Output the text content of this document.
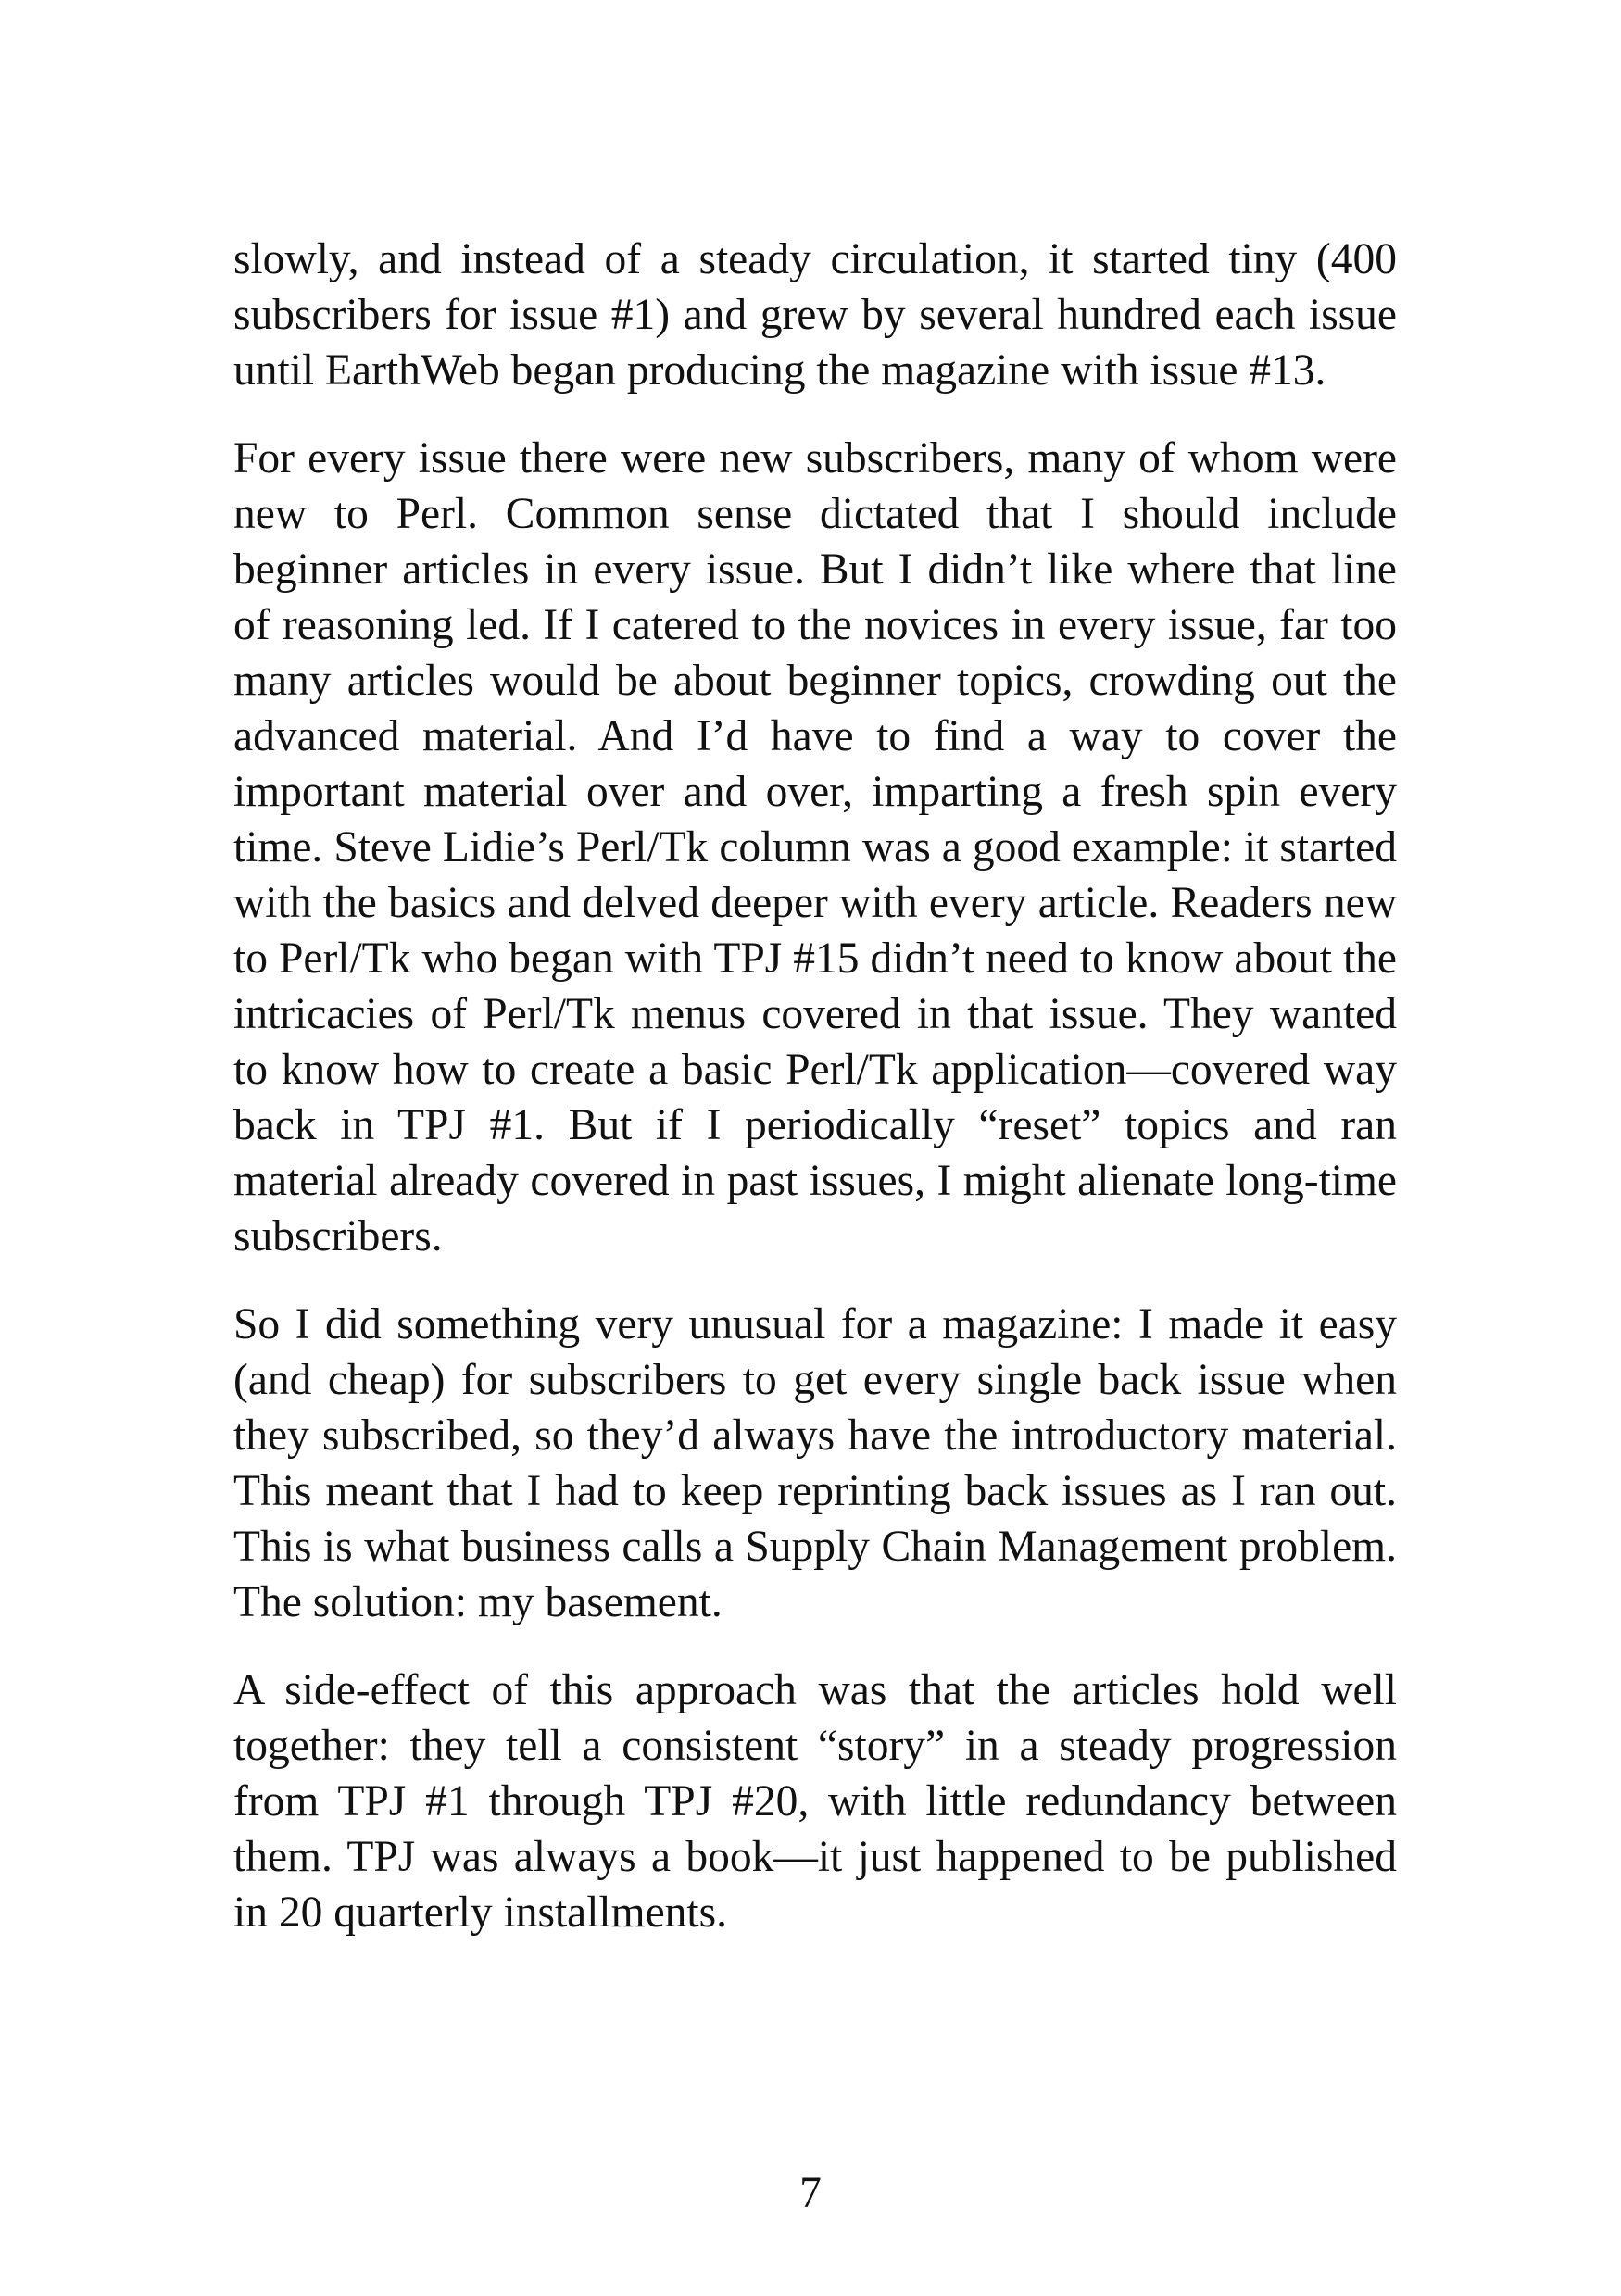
slowly, and instead of a steady circulation, it started tiny (400 subscribers for issue #1) and grew by several hundred each issue until EarthWeb began producing the magazine with issue #13.

For every issue there were new subscribers, many of whom were new to Perl. Common sense dictated that I should include beginner articles in every issue. But I didn’t like where that line of reasoning led. If I catered to the novices in every issue, far too many articles would be about beginner topics, crowding out the advanced material. And I’d have to find a way to cover the important material over and over, imparting a fresh spin every time. Steve Lidie’s Perl/Tk column was a good example: it started with the basics and delved deeper with every article. Readers new to Perl/Tk who began with TPJ #15 didn’t need to know about the intricacies of Perl/Tk menus covered in that issue. They wanted to know how to create a basic Perl/Tk application—covered way back in TPJ #1. But if I periodically “reset” topics and ran material already covered in past issues, I might alienate long-time subscribers.

So I did something very unusual for a magazine: I made it easy (and cheap) for subscribers to get every single back issue when they subscribed, so they’d always have the introductory material. This meant that I had to keep reprinting back issues as I ran out. This is what business calls a Supply Chain Management problem. The solution: my basement.

A side-effect of this approach was that the articles hold well together: they tell a consistent “story” in a steady progression from TPJ #1 through TPJ #20, with little redundancy between them. TPJ was always a book—it just happened to be published in 20 quarterly installments.

7
